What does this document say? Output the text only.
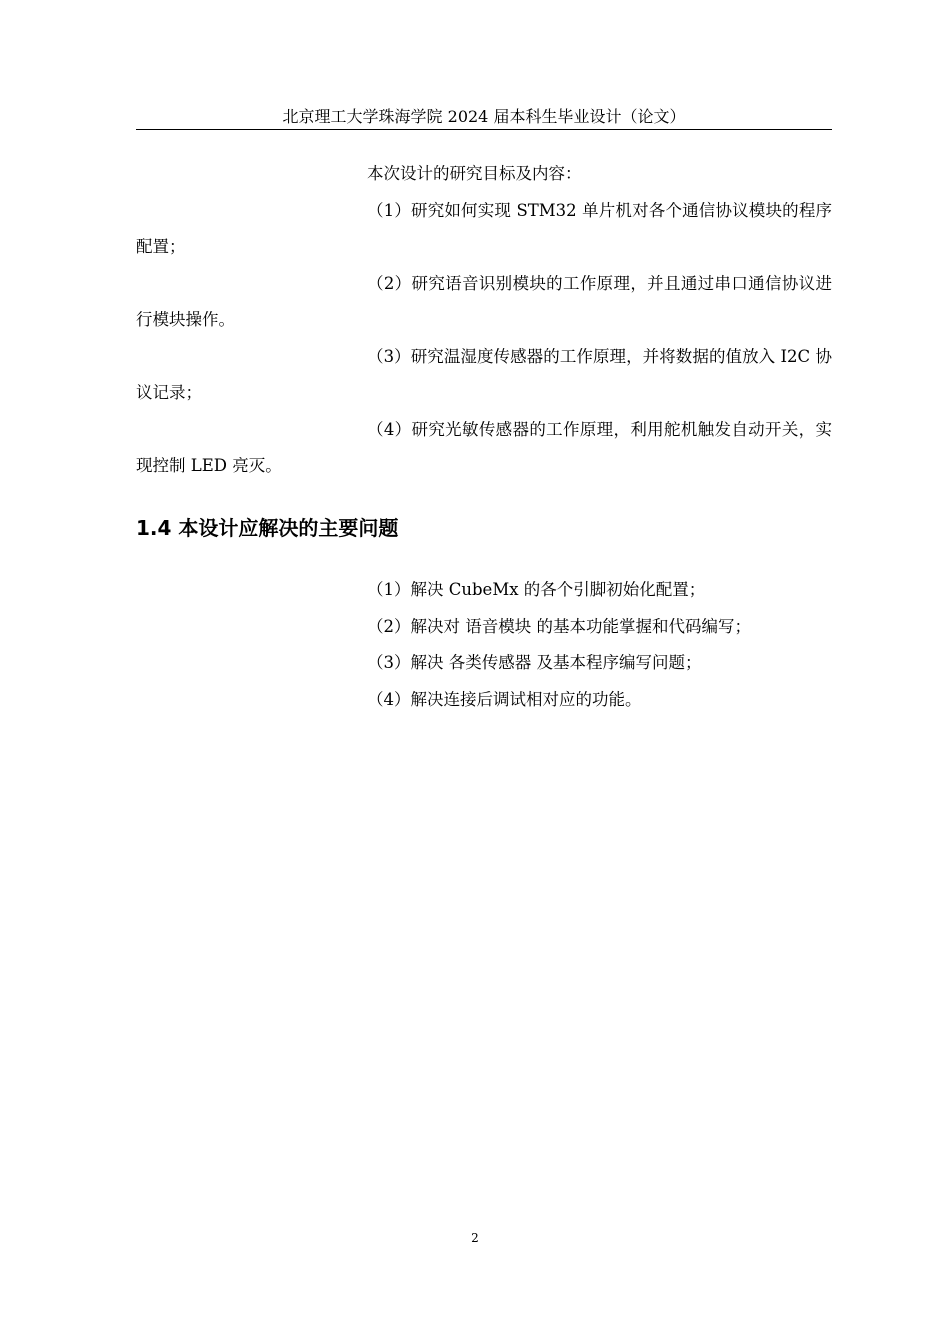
北京理工大学珠海学院 2024 届本科生毕业设计（论文）

本次设计的研究目标及内容：

（1）研究如何实现 STM32 单片机对各个通信协议模块的程序配置；

（2）研究语音识别模块的工作原理，并且通过串口通信协议进行模块操作。

（3）研究温湿度传感器的工作原理，并将数据的值放入 I2C 协议记录；

（4）研究光敏传感器的工作原理，利用舵机触发自动开关，实现控制 LED 亮灭。

1.4 本设计应解决的主要问题
（1）解决 CubeMx 的各个引脚初始化配置；
（2）解决对 语音模块 的基本功能掌握和代码编写；
（3）解决 各类传感器 及基本程序编写问题；
（4）解决连接后调试相对应的功能。
2
